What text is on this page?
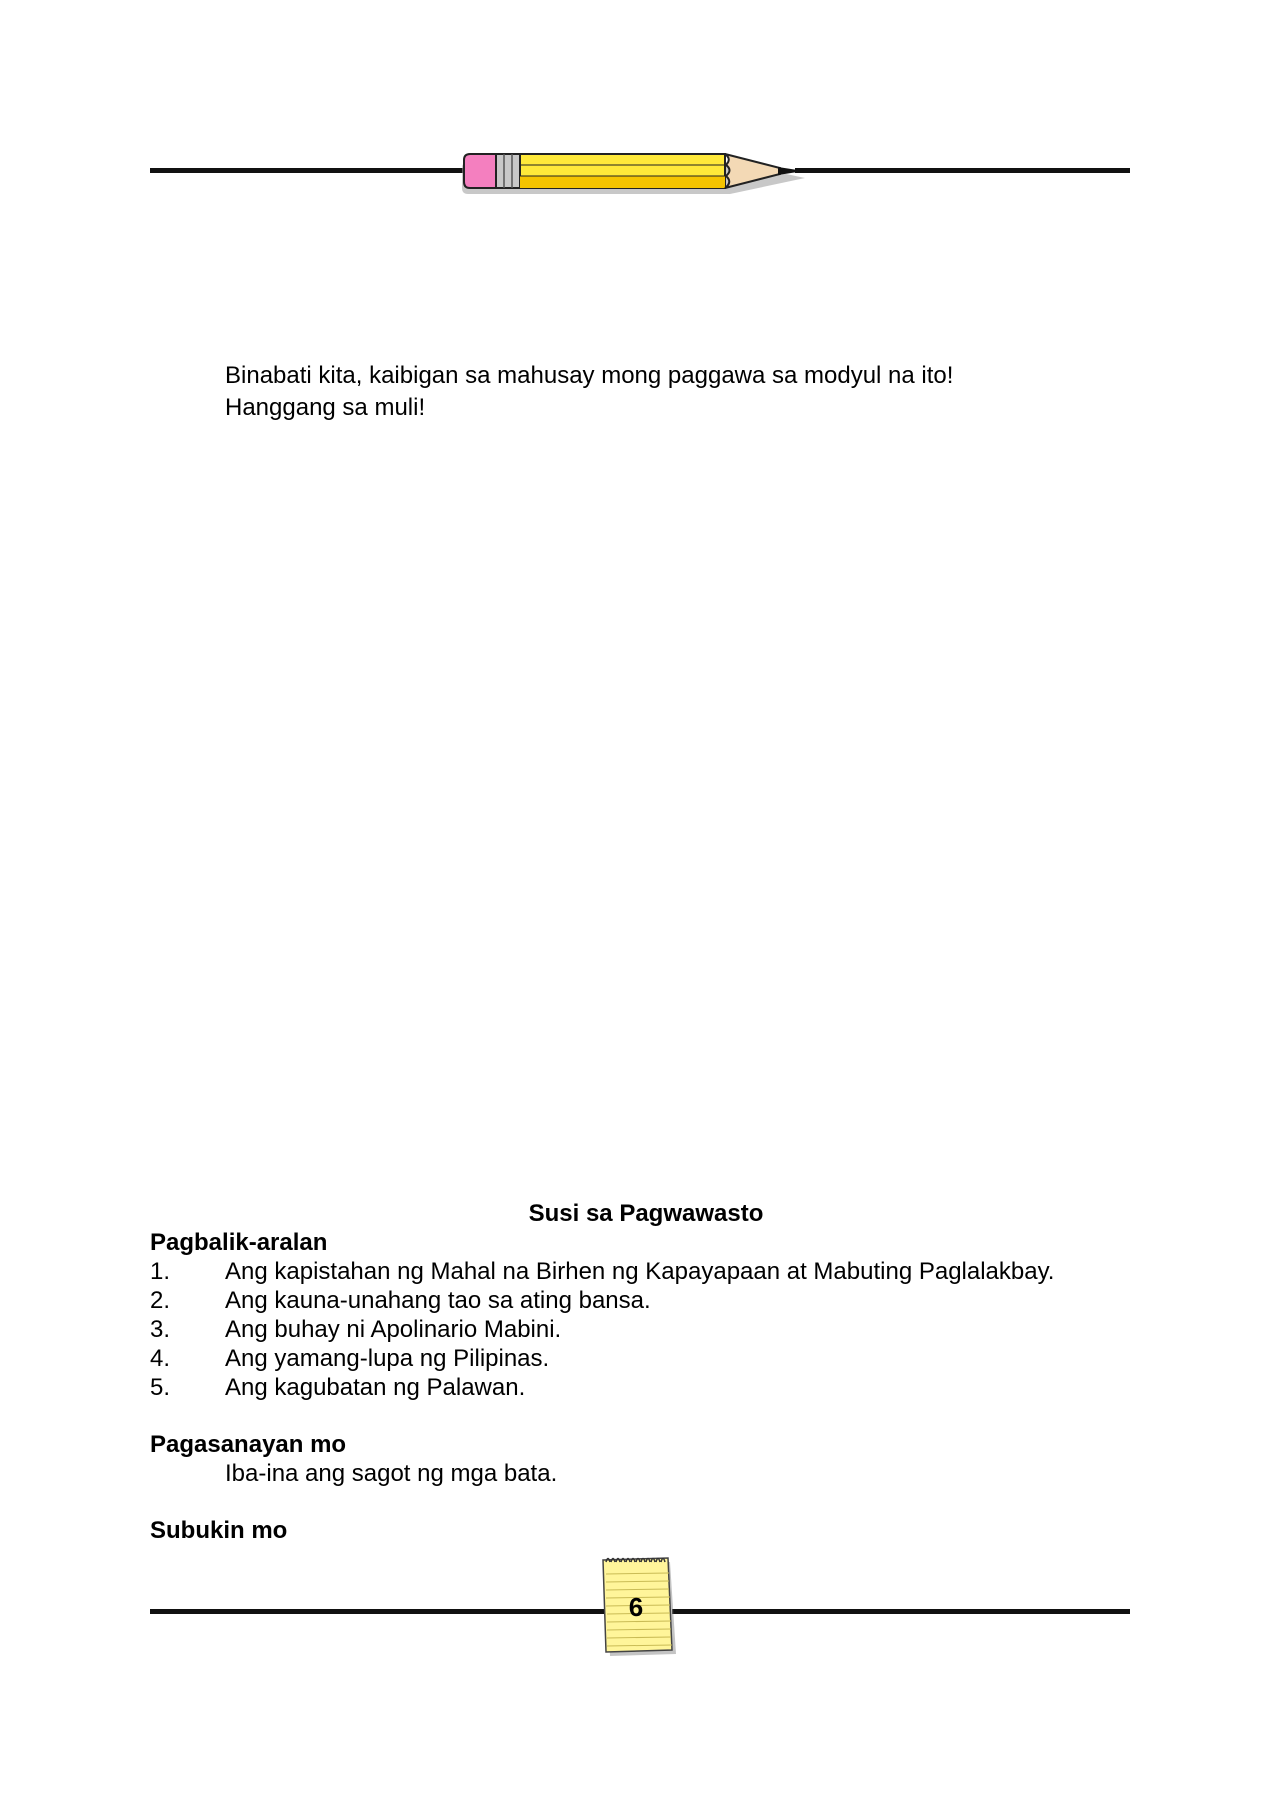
Binabati kita, kaibigan sa mahusay mong paggawa sa modyul na ito!
Hanggang sa muli!
Susi sa Pagwawasto
Pagbalik-aralan
1. Ang kapistahan ng Mahal na Birhen ng Kapayapaan at Mabuting Paglalakbay.
2. Ang kauna-unahang tao sa ating bansa.
3. Ang buhay ni Apolinario Mabini.
4. Ang yamang-lupa ng Pilipinas.
5. Ang kagubatan ng Palawan.
Pagasanayan mo
Iba-ina ang sagot ng mga bata.
Subukin mo
6
